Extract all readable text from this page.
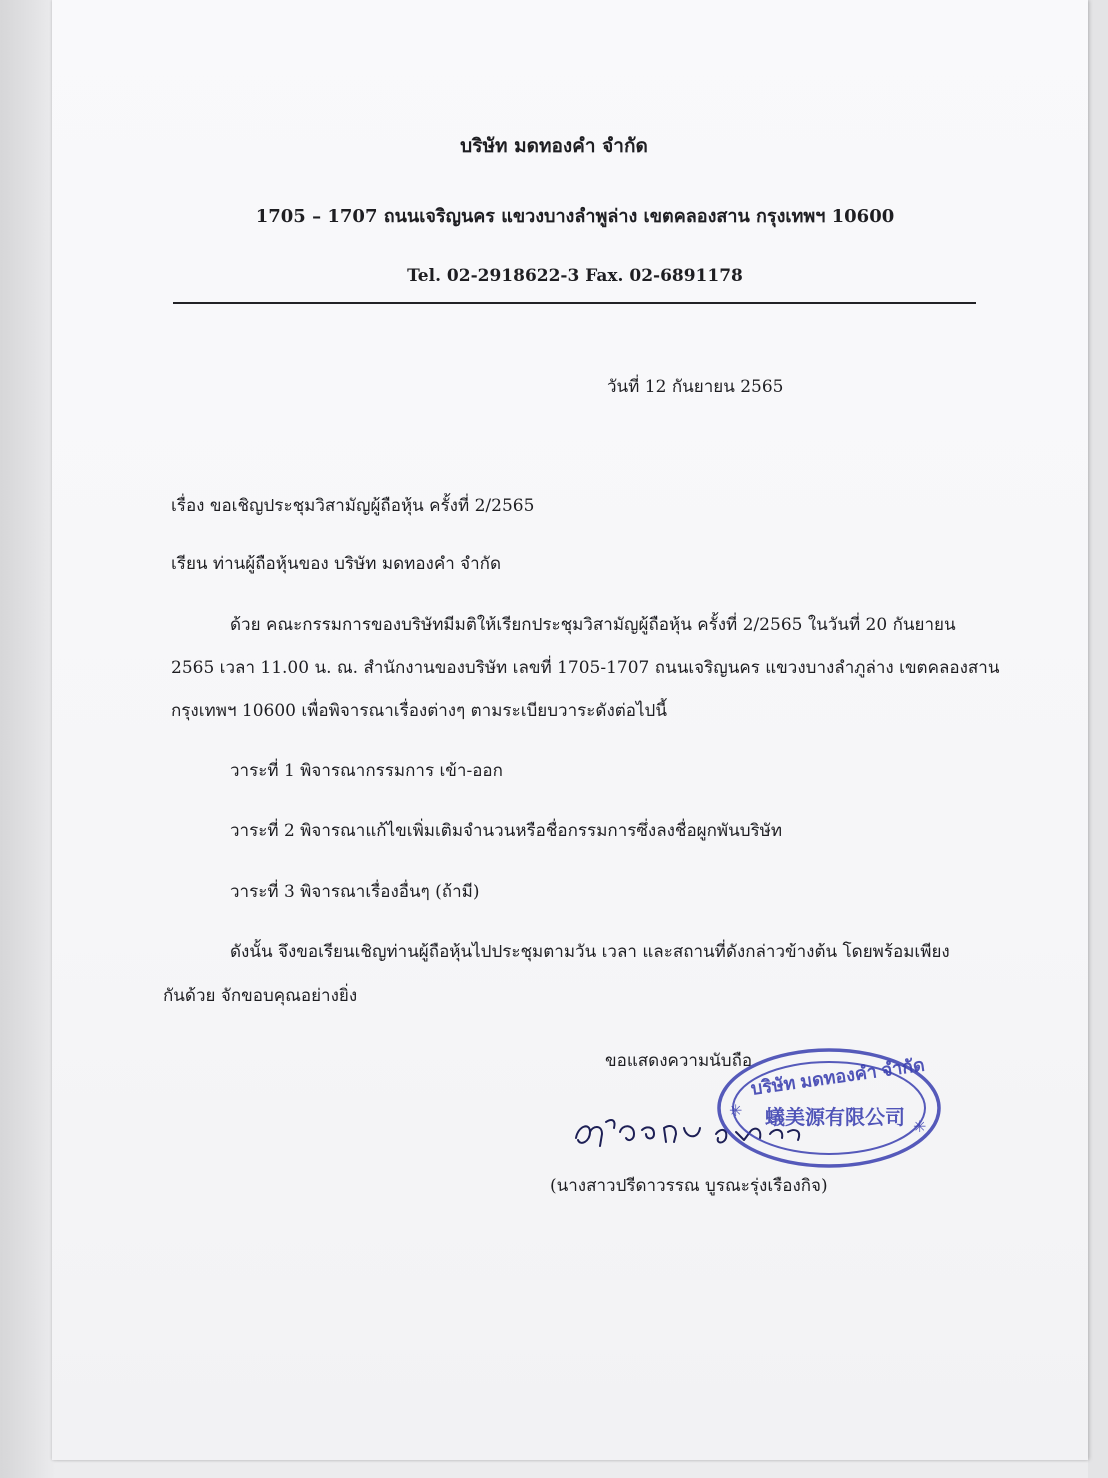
บริษัท มดทองคำ จำกัด
1705 – 1707 ถนนเจริญนคร แขวงบางลำพูล่าง เขตคลองสาน กรุงเทพฯ 10600
Tel. 02-2918622-3 Fax. 02-6891178
วันที่ 12 กันยายน 2565
เรื่อง ขอเชิญประชุมวิสามัญผู้ถือหุ้น ครั้งที่ 2/2565
เรียน ท่านผู้ถือหุ้นของ บริษัท มดทองคำ จำกัด
ด้วย คณะกรรมการของบริษัทมีมติให้เรียกประชุมวิสามัญผู้ถือหุ้น ครั้งที่ 2/2565 ในวันที่ 20 กันยายน
2565 เวลา 11.00 น. ณ. สำนักงานของบริษัท เลขที่ 1705-1707 ถนนเจริญนคร แขวงบางลำภูล่าง เขตคลองสาน
กรุงเทพฯ 10600 เพื่อพิจารณาเรื่องต่างๆ ตามระเบียบวาระดังต่อไปนี้
วาระที่ 1 พิจารณากรรมการ เข้า-ออก
วาระที่ 2 พิจารณาแก้ไขเพิ่มเติมจำนวนหรือชื่อกรรมการซึ่งลงชื่อผูกพันบริษัท
วาระที่ 3 พิจารณาเรื่องอื่นๆ (ถ้ามี)
ดังนั้น จึงขอเรียนเชิญท่านผู้ถือหุ้นไปประชุมตามวัน เวลา และสถานที่ดังกล่าวข้างต้น โดยพร้อมเพียง
กันด้วย จักขอบคุณอย่างยิ่ง
ขอแสดงความนับถือ
บริษัท มดทองคำ จำกัด
蟻美源有限公司
✳
✳
(นางสาวปรีดาวรรณ บูรณะรุ่งเรืองกิจ)
